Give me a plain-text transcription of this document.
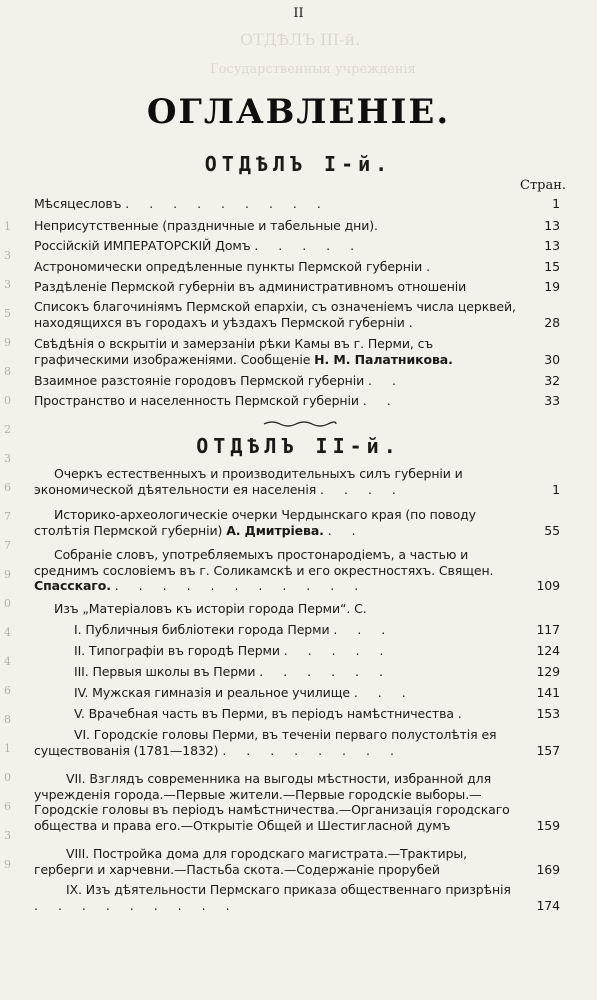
II
ОТДѢЛЪ III-й.
Государственныя учрежденія
ОГЛАВЛЕНІЕ.
ОТДѢЛЪ I-й.
Стран.
Мѣсяцесловъ . . . . . . . . .	1
Неприсутственные (праздничные и табельные дни).	13
Россійскій ИМПЕРАТОРСКІЙ Домъ . . . . .	13
Астрономически опредѣленные пункты Пермской губерніи .	15
Раздѣленіе Пермской губерніи въ административномъ отношеніи	19
Списокъ благочиніямъ Пермской епархіи, съ означеніемъ числа церквей, находящихся въ городахъ и уѣздахъ Пермской губерніи .	28
Свѣдѣнія о вскрытіи и замерзаніи рѣки Камы въ г. Перми, съ графическими изображеніями. Сообщеніе Н. М. Палатникова.	30
Взаимное разстояніе городовъ Пермской губерніи . .	32
Пространство и населенность Пермской губерніи . .	33
ОТДѢЛЪ II-й.
Очеркъ естественныхъ и производительныхъ силъ губерніи и экономической дѣятельности ея населенія . . . .	1
Историко-археологическіе очерки Чердынскаго края (по поводу столѣтія Пермской губерніи) А. Дмитріева. . .	55
Собраніе словъ, употребляемыхъ простонародіемъ, а частью и среднимъ сословіемъ въ г. Соликамскѣ и его окрестностяхъ. Священ. Спасскаго. . . . . . . . . . . .	109
Изъ „Матеріаловъ къ исторіи города Перми“. С.
I. Публичныя библіотеки города Перми . . .	117
II. Типографіи въ городѣ Перми . . . . .	124
III. Первыя школы въ Перми . . . . . .	129
IV. Мужская гимназія и реальное училище . . .	141
V. Врачебная часть въ Перми, въ періодъ намѣстничества .	153
VI. Городскіе головы Перми, въ теченіи перваго полустолѣтія ея существованія (1781—1832) . . . . . . . .	157
VII. Взглядъ современника на выгоды мѣстности, избранной для учрежденія города.—Первые жители.—Первые городскіе выборы.—Городскіе головы въ періодъ намѣстничества.—Организація городскаго общества и права его.—Открытіе Общей и Шестигласной думъ	159
VIII. Постройка дома для городскаго магистрата.—Трактиры, герберги и харчевни.—Пастьба скота.—Содержаніе прорубей	169
IX. Изъ дѣятельности Пермскаго приказа общественнаго призрѣнія . . . . . . . . .	174
1
3
3
5
9
8
0
2
3
6
7
7
9
0
4
4
6
8
1
0
6
3
9
